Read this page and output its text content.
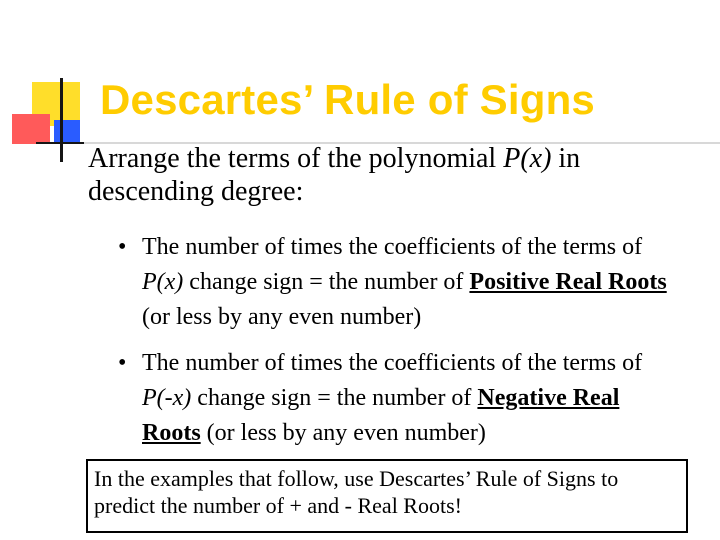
Descartes’ Rule of Signs
Arrange the terms of the polynomial P(x) in descending degree:
• The number of times the coefficients of the terms of P(x) change sign = the number of Positive Real Roots (or less by any even number)
• The number of times the coefficients of the terms of P(-x) change sign = the number of Negative Real Roots (or less by any even number)
In the examples that follow, use Descartes’ Rule of Signs to predict the number of + and - Real Roots!
